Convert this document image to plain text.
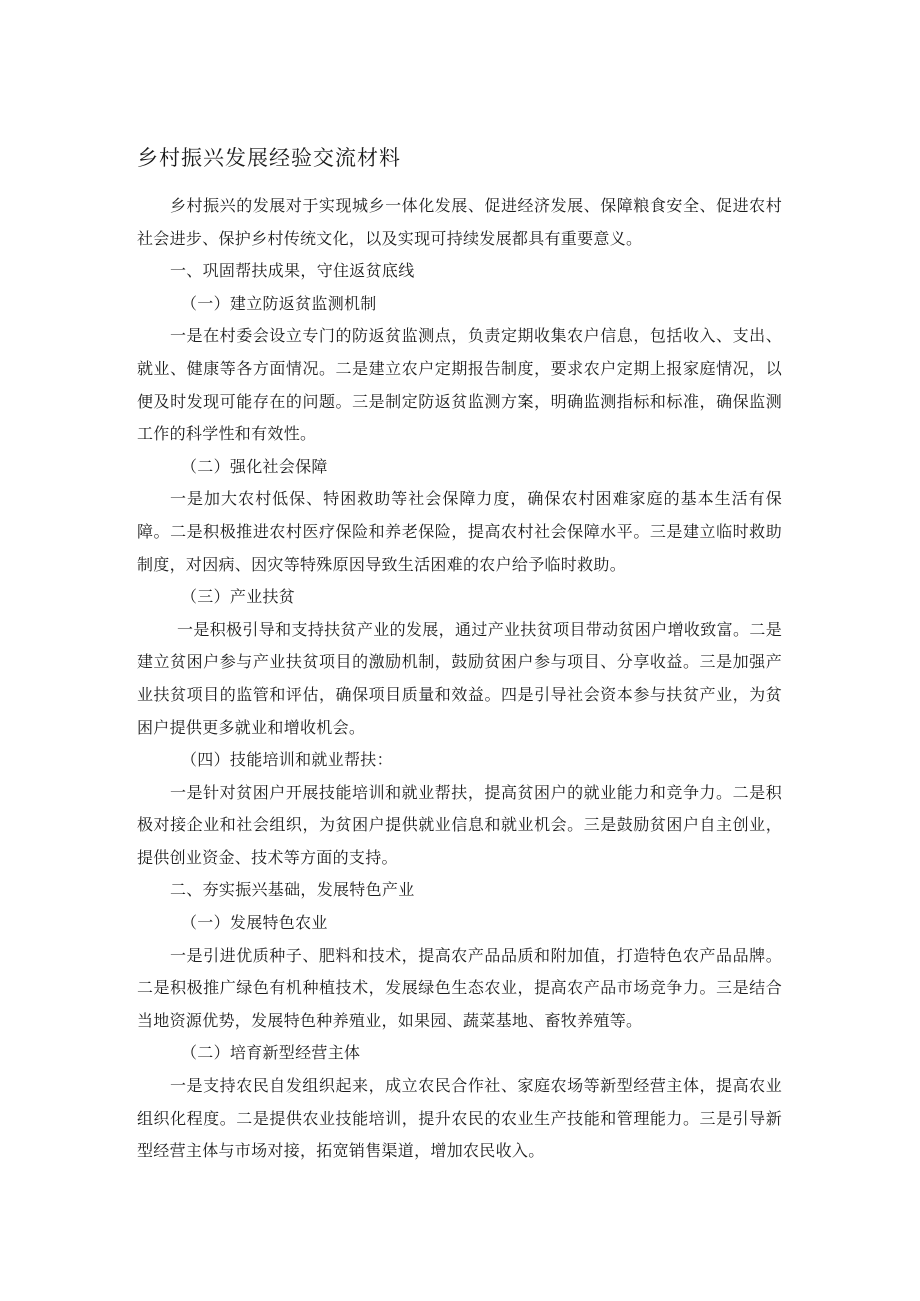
乡村振兴发展经验交流材料

乡村振兴的发展对于实现城乡一体化发展、促进经济发展、保障粮食安全、促进农村社会进步、保护乡村传统文化，以及实现可持续发展都具有重要意义。

一、巩固帮扶成果，守住返贫底线

（一）建立防返贫监测机制

一是在村委会设立专门的防返贫监测点，负责定期收集农户信息，包括收入、支出、就业、健康等各方面情况。二是建立农户定期报告制度，要求农户定期上报家庭情况，以便及时发现可能存在的问题。三是制定防返贫监测方案，明确监测指标和标准，确保监测工作的科学性和有效性。

（二）强化社会保障

一是加大农村低保、特困救助等社会保障力度，确保农村困难家庭的基本生活有保障。二是积极推进农村医疗保险和养老保险，提高农村社会保障水平。三是建立临时救助制度，对因病、因灾等特殊原因导致生活困难的农户给予临时救助。

（三）产业扶贫

一是积极引导和支持扶贫产业的发展，通过产业扶贫项目带动贫困户增收致富。二是建立贫困户参与产业扶贫项目的激励机制，鼓励贫困户参与项目、分享收益。三是加强产业扶贫项目的监管和评估，确保项目质量和效益。四是引导社会资本参与扶贫产业，为贫困户提供更多就业和增收机会。

（四）技能培训和就业帮扶：

一是针对贫困户开展技能培训和就业帮扶，提高贫困户的就业能力和竞争力。二是积极对接企业和社会组织，为贫困户提供就业信息和就业机会。三是鼓励贫困户自主创业，提供创业资金、技术等方面的支持。

二、夯实振兴基础，发展特色产业

（一）发展特色农业

一是引进优质种子、肥料和技术，提高农产品品质和附加值，打造特色农产品品牌。二是积极推广绿色有机种植技术，发展绿色生态农业，提高农产品市场竞争力。三是结合当地资源优势，发展特色种养殖业，如果园、蔬菜基地、畜牧养殖等。

（二）培育新型经营主体

一是支持农民自发组织起来，成立农民合作社、家庭农场等新型经营主体，提高农业组织化程度。二是提供农业技能培训，提升农民的农业生产技能和管理能力。三是引导新型经营主体与市场对接，拓宽销售渠道，增加农民收入。
